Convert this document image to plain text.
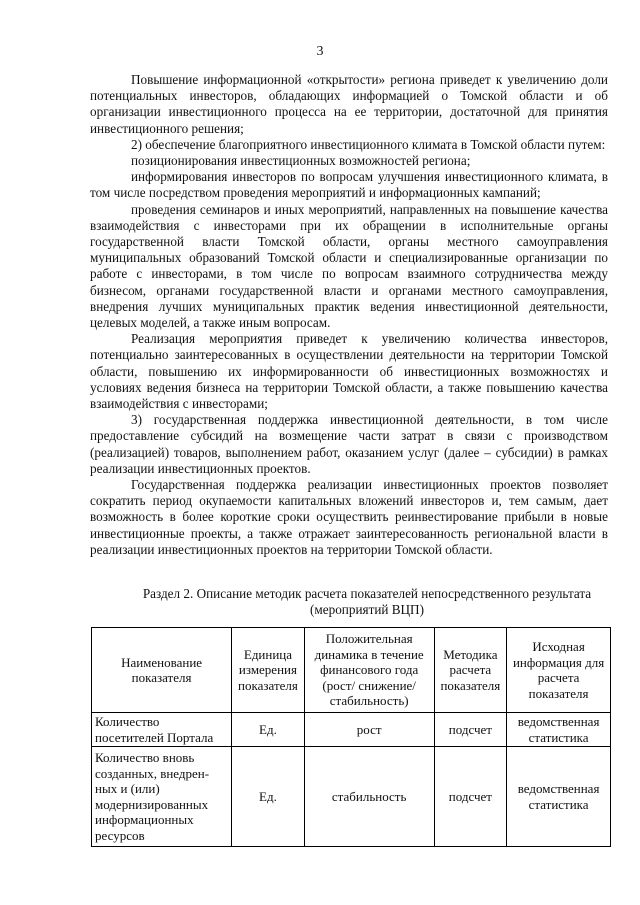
3

Повышение информационной «открытости» региона приведет к увеличению доли потенциальных инвесторов, обладающих информацией о Томской области и об организации инвестиционного процесса на ее территории, достаточной для принятия инвестиционного решения;

2) обеспечение благоприятного инвестиционного климата в Томской области путем:

позиционирования инвестиционных возможностей региона;

информирования инвесторов по вопросам улучшения инвестиционного климата, в том числе посредством проведения мероприятий и информационных кампаний;

проведения семинаров и иных мероприятий, направленных на повышение качества взаимодействия с инвесторами при их обращении в исполнительные органы государственной власти Томской области, органы местного самоуправления муниципальных образований Томской области и специализированные организации по работе с инвесторами, в том числе по вопросам взаимного сотрудничества между бизнесом, органами государственной власти и органами местного самоуправления, внедрения лучших муниципальных практик ведения инвестиционной деятельности, целевых моделей, а также иным вопросам.

Реализация мероприятия приведет к увеличению количества инвесторов, потенциально заинтересованных в осуществлении деятельности на территории Томской области, повышению их информированности об инвестиционных возможностях и условиях ведения бизнеса на территории Томской области, а также повышению качества взаимодействия с инвесторами;

3) государственная поддержка инвестиционной деятельности, в том числе предоставление субсидий на возмещение части затрат в связи с производством (реализацией) товаров, выполнением работ, оказанием услуг (далее – субсидии) в рамках реализации инвестиционных проектов.

Государственная поддержка реализации инвестиционных проектов позволяет сократить период окупаемости капитальных вложений инвесторов и, тем самым, дает возможность в более короткие сроки осуществить реинвестирование прибыли в новые инвестиционные проекты, а также отражает заинтересованность региональной власти в реализации инвестиционных проектов на территории Томской области.

Раздел 2. Описание методик расчета показателей непосредственного результата
(мероприятий ВЦП)
Наименование показателя	Единица измерения показателя	Положительная динамика в течение финансового года (рост/ снижение/ стабильность)	Методика расчета показателя	Исходная информация для расчета показателя
Количество посетителей Портала	Ед.	рост	подсчет	ведомственная статистика
Количество вновь созданных, внедрен-ных и (или) модернизированных информационных ресурсов	Ед.	стабильность	подсчет	ведомственная статистика
